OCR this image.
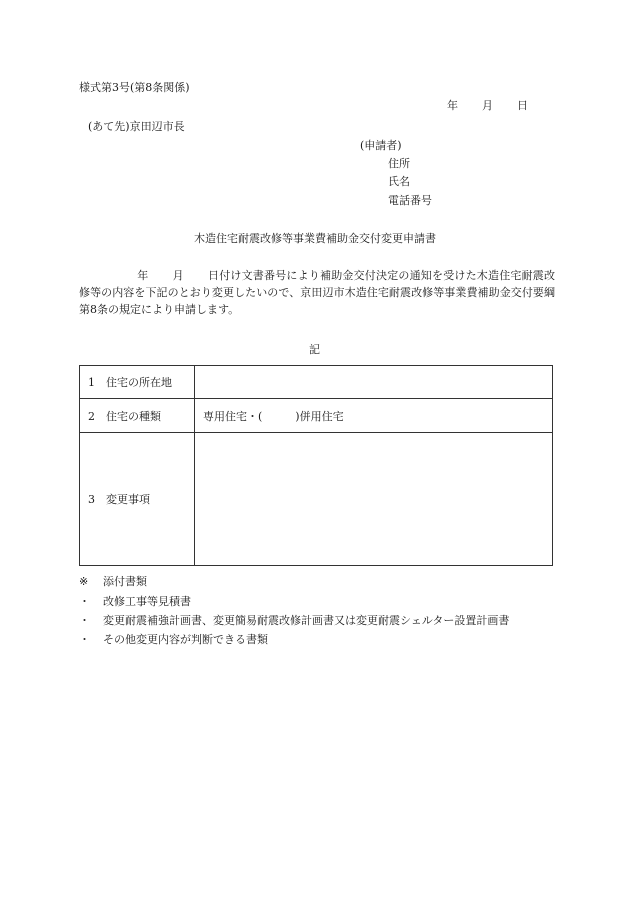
様式第3号(第8条関係)
年 月 日
(あて先)京田辺市長
(申請者)
住所
氏名
電話番号
木造住宅耐震改修等事業費補助金交付変更申請書
年 月 日付け文書番号により補助金交付決定の通知を受けた木造住宅耐震改修等の内容を下記のとおり変更したいので、京田辺市木造住宅耐震改修等事業費補助金交付要綱第8条の規定により申請します。
記
1　住宅の所在地	
2　住宅の種類	専用住宅・(　　　)併用住宅
3　変更事項	
※ 添付書類
・ 改修工事等見積書
・ 変更耐震補強計画書、変更簡易耐震改修計画書又は変更耐震シェルター設置計画書
・ その他変更内容が判断できる書類
